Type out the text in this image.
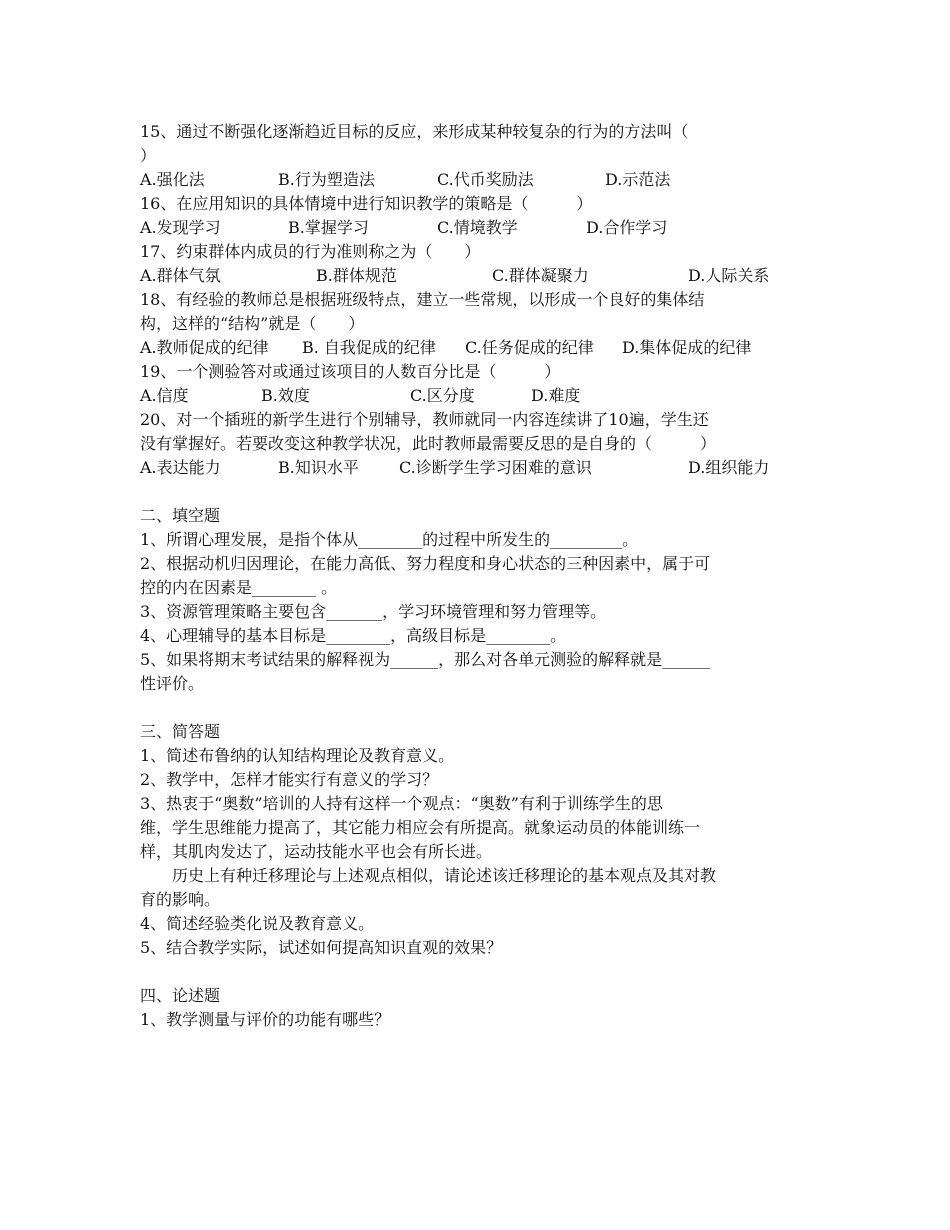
15、通过不断强化逐渐趋近目标的反应，来形成某种较复杂的行为的方法叫（
）
A.强化法	B.行为塑造法	C.代币奖励法	D.示范法
16、在应用知识的具体情境中进行知识教学的策略是（　　　）
A.发现学习	B.掌握学习	C.情境教学	D.合作学习
17、约束群体内成员的行为准则称之为（　　）
A.群体气氛	B.群体规范	C.群体凝聚力	D.人际关系
18、有经验的教师总是根据班级特点，建立一些常规，以形成一个良好的集体结
构，这样的“结构”就是（　　）
A.教师促成的纪律 B. 自我促成的纪律 C.任务促成的纪律 D.集体促成的纪律
19、一个测验答对或通过该项目的人数百分比是（　　　）
A.信度	B.效度	C.区分度	D.难度
20、对一个插班的新学生进行个别辅导，教师就同一内容连续讲了10遍，学生还
没有掌握好。若要改变这种教学状况，此时教师最需要反思的是自身的（　　　）
A.表达能力	B.知识水平	C.诊断学生学习困难的意识	D.组织能力
二、填空题
1、所谓心理发展，是指个体从________的过程中所发生的_________。
2、根据动机归因理论，在能力高低、努力程度和身心状态的三种因素中，属于可
控的内在因素是________ 。
3、资源管理策略主要包含_______，学习环境管理和努力管理等。
4、心理辅导的基本目标是________，高级目标是________。
5、如果将期末考试结果的解释视为______，那么对各单元测验的解释就是______
性评价。
三、简答题
1、简述布鲁纳的认知结构理论及教育意义。
2、教学中，怎样才能实行有意义的学习？
3、热衷于“奥数”培训的人持有这样一个观点：“奥数”有利于训练学生的思
维，学生思维能力提高了，其它能力相应会有所提高。就象运动员的体能训练一
样，其肌肉发达了，运动技能水平也会有所长进。
历史上有种迁移理论与上述观点相似，请论述该迁移理论的基本观点及其对教
育的影响。
4、简述经验类化说及教育意义。
5、结合教学实际，试述如何提高知识直观的效果？
四、论述题
1、教学测量与评价的功能有哪些？
